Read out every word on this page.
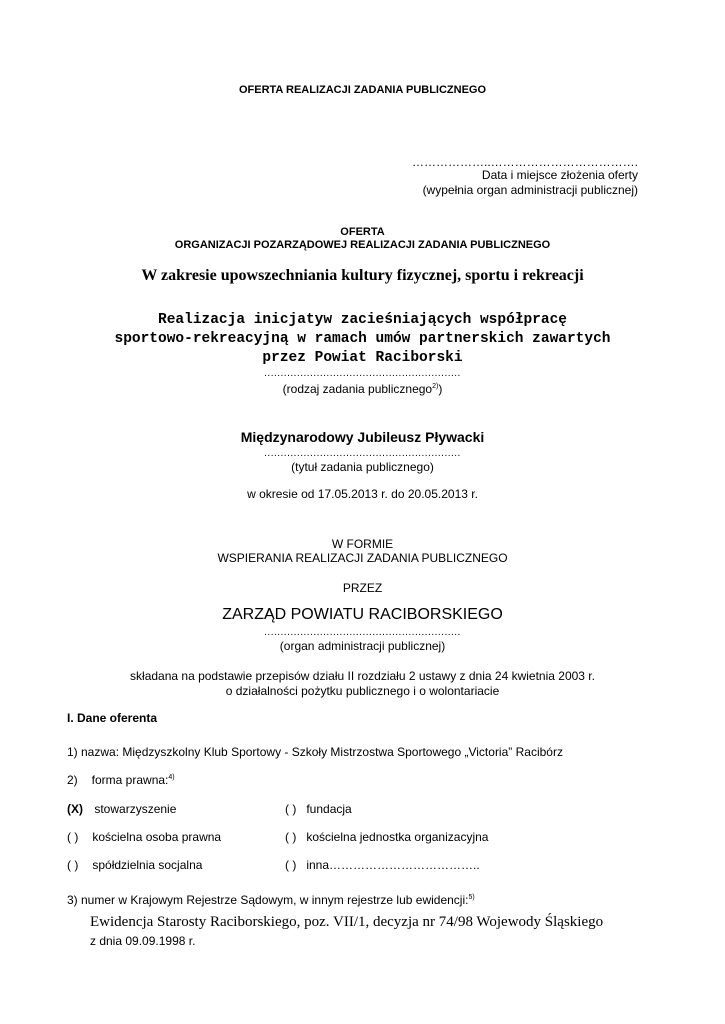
OFERTA REALIZACJI ZADANIA PUBLICZNEGO
………………..……………………………….
Data i miejsce złożenia oferty
(wypełnia organ administracji publicznej)
OFERTA
ORGANIZACJI POZARZĄDOWEJ REALIZACJI ZADANIA PUBLICZNEGO
W zakresie upowszechniania kultury fizycznej, sportu i rekreacji
Realizacja inicjatyw zacieśniających współpracę
sportowo-rekreacyjną w ramach umów partnerskich zawartych
przez Powiat Raciborski
............................................................
(rodzaj zadania publicznego$^{2)}$)
Międzynarodowy Jubileusz Pływacki
............................................................
(tytuł zadania publicznego)
w okresie od 17.05.2013 r. do 20.05.2013 r.
W FORMIE
WSPIERANIA REALIZACJI ZADANIA PUBLICZNEGO
PRZEZ
ZARZĄD POWIATU RACIBORSKIEGO
............................................................
(organ administracji publicznej)
składana na podstawie przepisów działu II rozdziału 2 ustawy z dnia 24 kwietnia 2003 r.
o działalności pożytku publicznego i o wolontariacie
I. Dane oferenta
1) nazwa: Międzyszkolny Klub Sportowy - Szkoły Mistrzostwa Sportowego „Victoria” Racibórz
2) forma prawna:$^{4)}$
(X) stowarzyszenie	( ) fundacja
( ) kościelna osoba prawna	( ) kościelna jednostka organizacyjna
( ) spółdzielnia socjalna	( ) inna………………………………..
3) numer w Krajowym Rejestrze Sądowym, w innym rejestrze lub ewidencji:$^{5)}$
Ewidencja Starosty Raciborskiego, poz. VII/1, decyzja nr 74/98 Wojewody Śląskiego
z dnia 09.09.1998 r.
